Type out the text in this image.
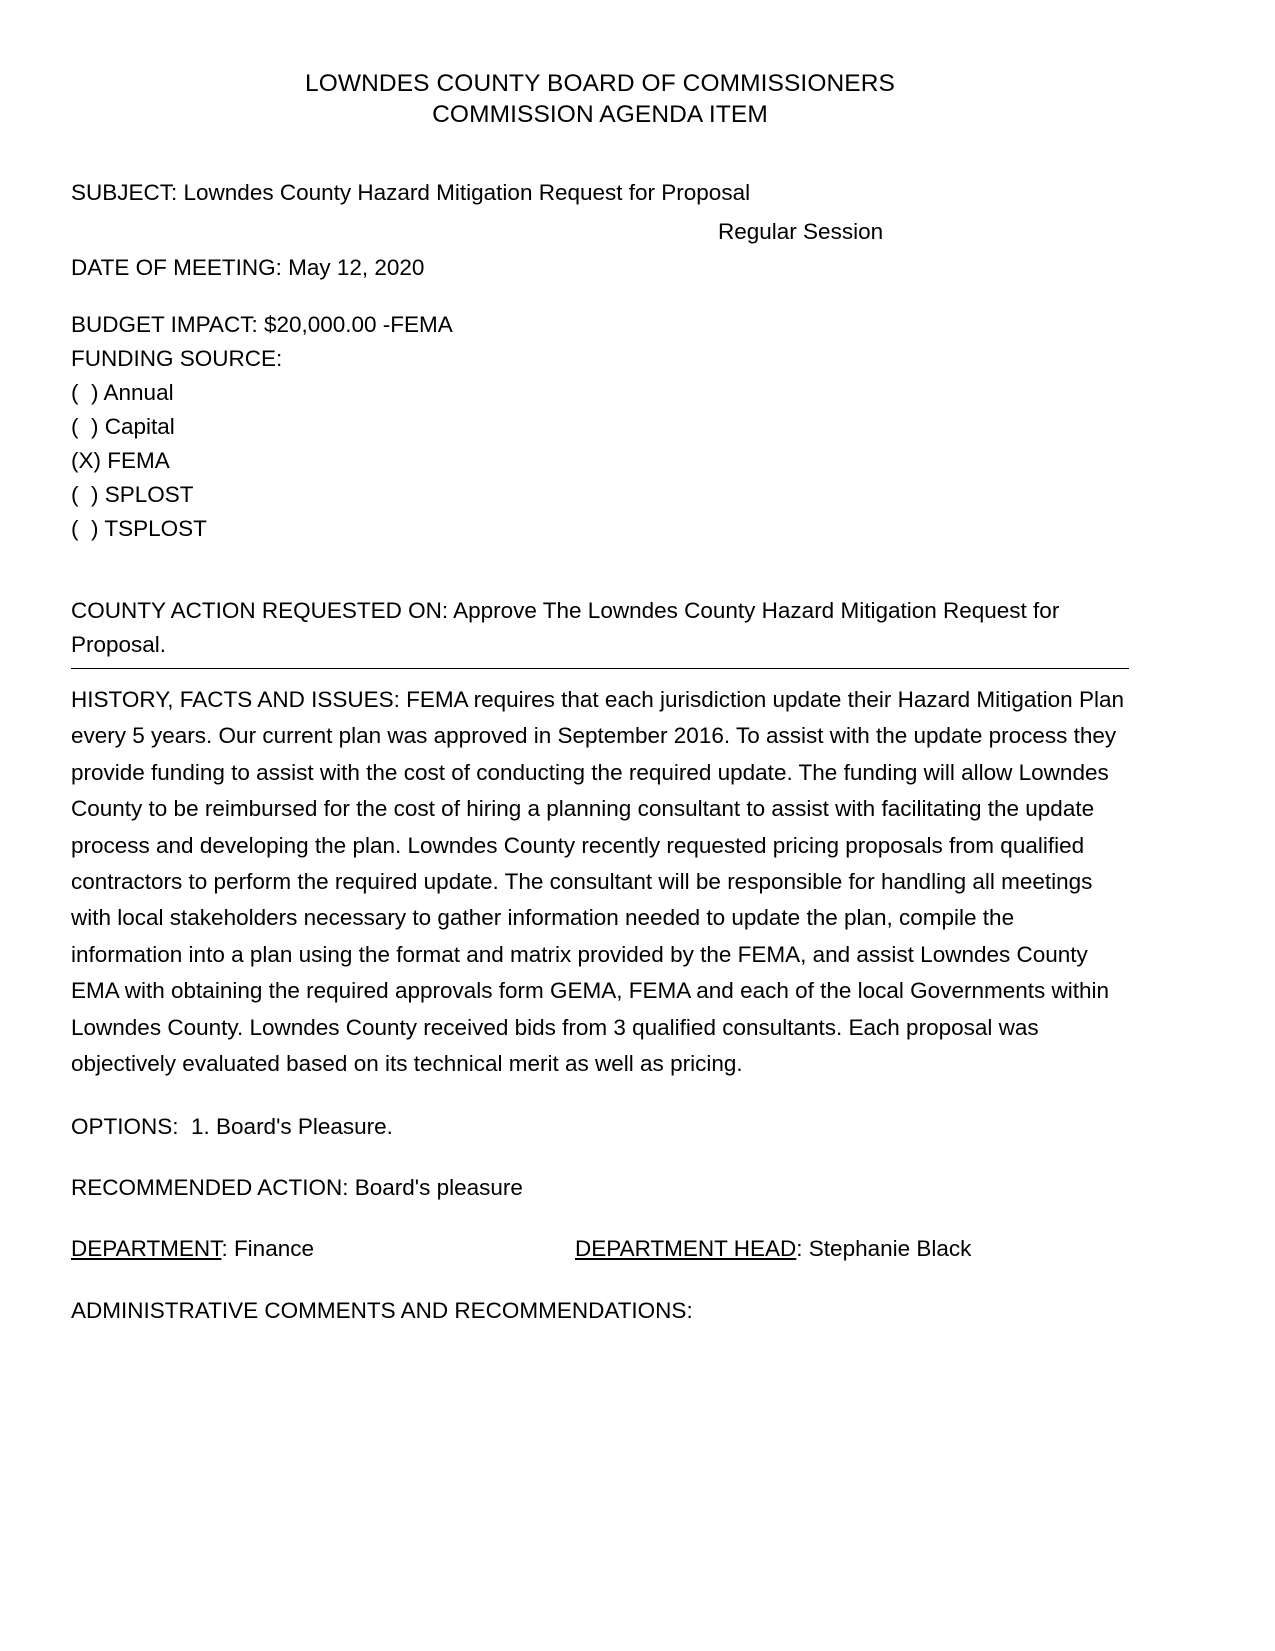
LOWNDES COUNTY BOARD OF COMMISSIONERS
COMMISSION AGENDA ITEM
SUBJECT: Lowndes County Hazard Mitigation Request for Proposal
Regular Session
DATE OF MEETING: May 12, 2020
BUDGET IMPACT: $20,000.00 -FEMA
FUNDING SOURCE:
(  ) Annual
(  ) Capital
(X) FEMA
(  ) SPLOST
(  ) TSPLOST
COUNTY ACTION REQUESTED ON: Approve The Lowndes County Hazard Mitigation Request for Proposal.
HISTORY, FACTS AND ISSUES: FEMA requires that each jurisdiction update their Hazard Mitigation Plan every 5 years. Our current plan was approved in September 2016. To assist with the update process they provide funding to assist with the cost of conducting the required update. The funding will allow Lowndes County to be reimbursed for the cost of hiring a planning consultant to assist with facilitating the update process and developing the plan. Lowndes County recently requested pricing proposals from qualified contractors to perform the required update. The consultant will be responsible for handling all meetings with local stakeholders necessary to gather information needed to update the plan, compile the information into a plan using the format and matrix provided by the FEMA, and assist Lowndes County EMA with obtaining the required approvals form GEMA, FEMA and each of the local Governments within Lowndes County. Lowndes County received bids from 3 qualified consultants. Each proposal was objectively evaluated based on its technical merit as well as pricing.
OPTIONS:  1. Board's Pleasure.
RECOMMENDED ACTION: Board's pleasure
DEPARTMENT: Finance	DEPARTMENT HEAD: Stephanie Black
ADMINISTRATIVE COMMENTS AND RECOMMENDATIONS:
